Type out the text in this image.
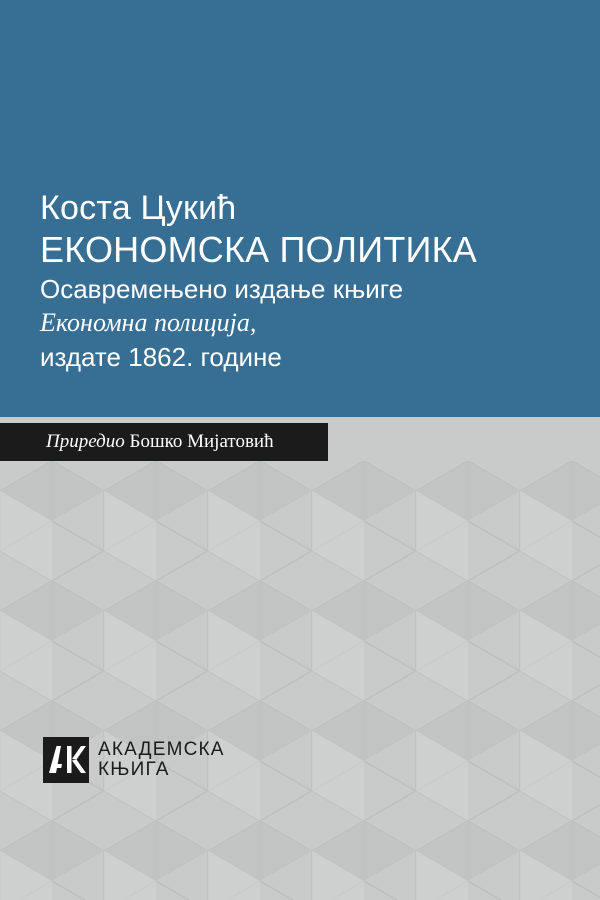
Коста Цукић

ЕКОНОМСКА ПОЛИТИКА

Осавремењено издање књиге

Економна полиција,

издате 1862. године

Приредио Бошко Мијатовић
АКАДЕМСКА
КЊИГА
